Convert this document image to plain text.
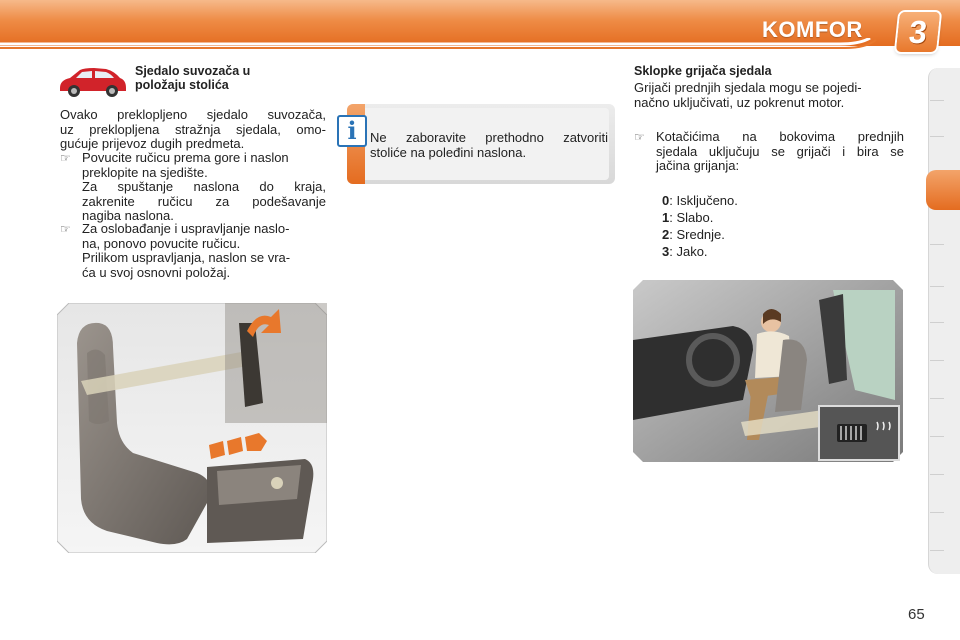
KOMFOR	3
Sjedalo suvozača u
položaju stolića
Ovako preklopljeno sjedalo suvozača,
uz preklopljena stražnja sjedala, omo-
gućuje prijevoz dugih predmeta.
☞ Povucite ručicu prema gore i naslon
preklopite na sjedište.
Za spuštanje naslona do kraja,
zakrenite ručicu za podešavanje
nagiba naslona.
☞ Za oslobađanje i uspravljanje naslo-
na, ponovo povucite ručicu.
Prilikom uspravljanja, naslon se vra-
ća u svoj osnovni položaj.
i	Ne zaboravite prethodno zatvoriti
stoliće na poleđini naslona.
Sklopke grijača sjedala
Grijači prednjih sjedala mogu se pojedi-
načno uključivati, uz pokrenut motor.
☞ Kotačićima na bokovima prednjih
sjedala uključuju se grijači i bira se
jačina grijanja:
0: Isključeno.
1: Slabo.
2: Srednje.
3: Jako.
65
